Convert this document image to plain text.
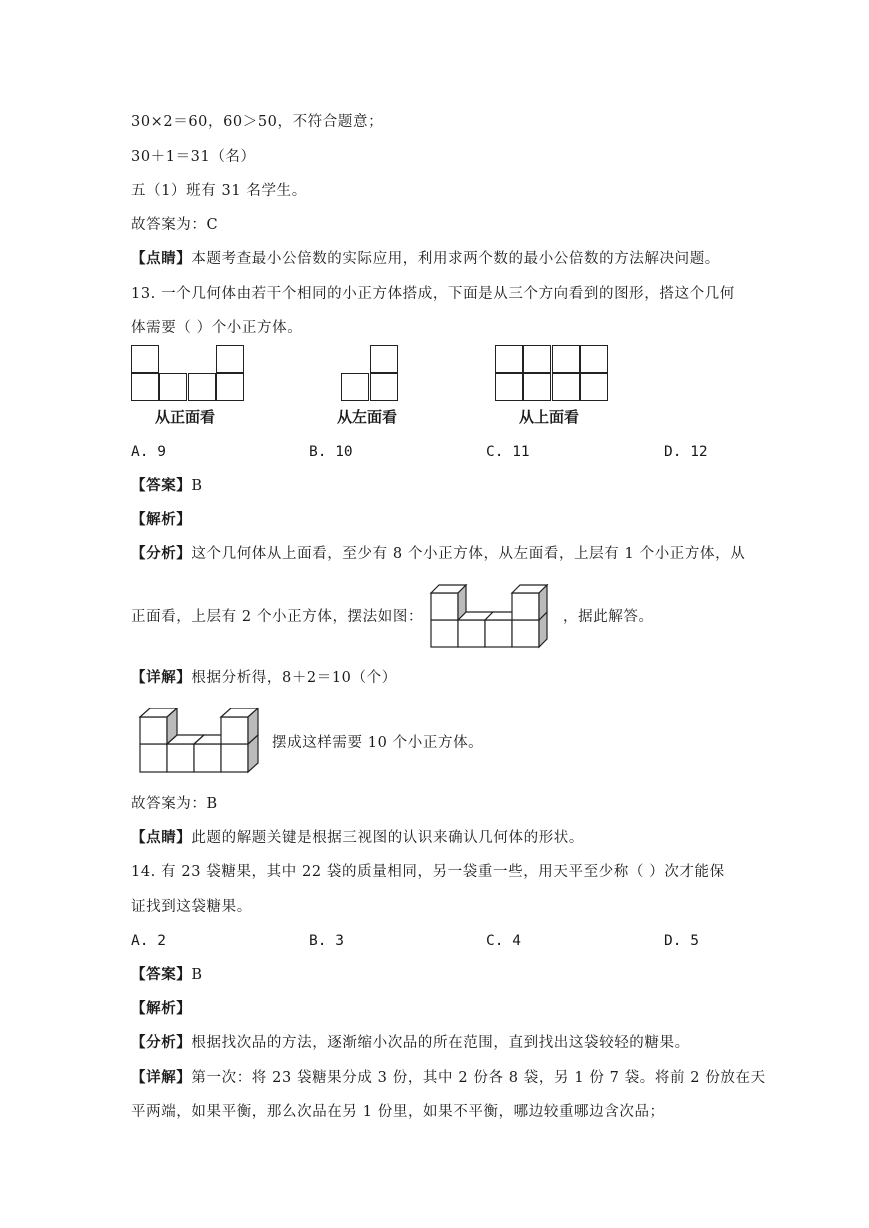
30×2＝60，60＞50，不符合题意；
30＋1＝31（名）
五（1）班有 31 名学生。
故答案为：C
【点睛】本题考查最小公倍数的实际应用，利用求两个数的最小公倍数的方法解决问题。
13. 一个几何体由若干个相同的小正方体搭成，下面是从三个方向看到的图形，搭这个几何
体需要（ ）个小正方体。
从正面看	从左面看	从上面看
A. 9	B. 10	C. 11	D. 12
【答案】B
【解析】
【分析】这个几何体从上面看，至少有 8 个小正方体，从左面看，上层有 1 个小正方体，从
正面看，上层有 2 个小正方体，摆法如图：	，据此解答。
【详解】根据分析得，8＋2＝10（个）
摆成这样需要 10 个小正方体。
故答案为：B
【点睛】此题的解题关键是根据三视图的认识来确认几何体的形状。
14. 有 23 袋糖果，其中 22 袋的质量相同，另一袋重一些，用天平至少称（ ）次才能保
证找到这袋糖果。
A. 2	B. 3	C. 4	D. 5
【答案】B
【解析】
【分析】根据找次品的方法，逐渐缩小次品的所在范围，直到找出这袋较轻的糖果。
【详解】第一次：将 23 袋糖果分成 3 份，其中 2 份各 8 袋，另 1 份 7 袋。将前 2 份放在天
平两端，如果平衡，那么次品在另 1 份里，如果不平衡，哪边较重哪边含次品；
